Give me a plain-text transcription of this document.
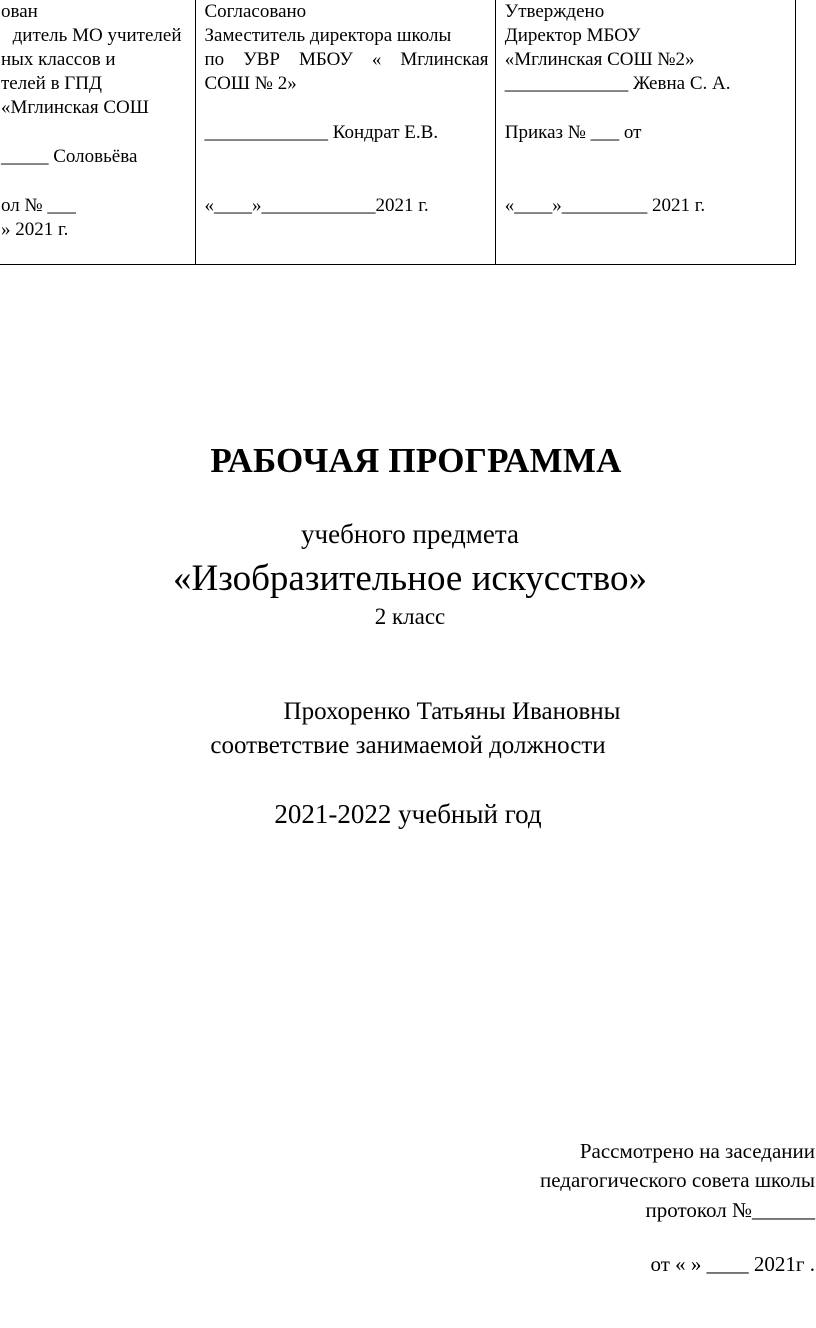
ован
дитель МО учителей
ных классов и
телей в ГПД
«Мглинская СОШ
_____ Соловьёва
ол № ___
» 2021 г.
Согласовано
Заместитель директора школы
по УВР МБОУ « Мглинская
СОШ № 2»
_____________ Кондрат Е.В.
«____»____________2021 г.
Утверждено
Директор МБОУ
«Мглинская СОШ №2»
_____________ Жевна С. А.
Приказ № ___ от
«____»_________ 2021 г.
РАБОЧАЯ ПРОГРАММА
учебного предмета
«Изобразительное искусство»
2 класс
Прохоренко Татьяны Ивановны
соответствие занимаемой должности
2021-2022 учебный год
Рассмотрено на заседании
педагогического совета школы
протокол №______
от « » ____ 2021г .
